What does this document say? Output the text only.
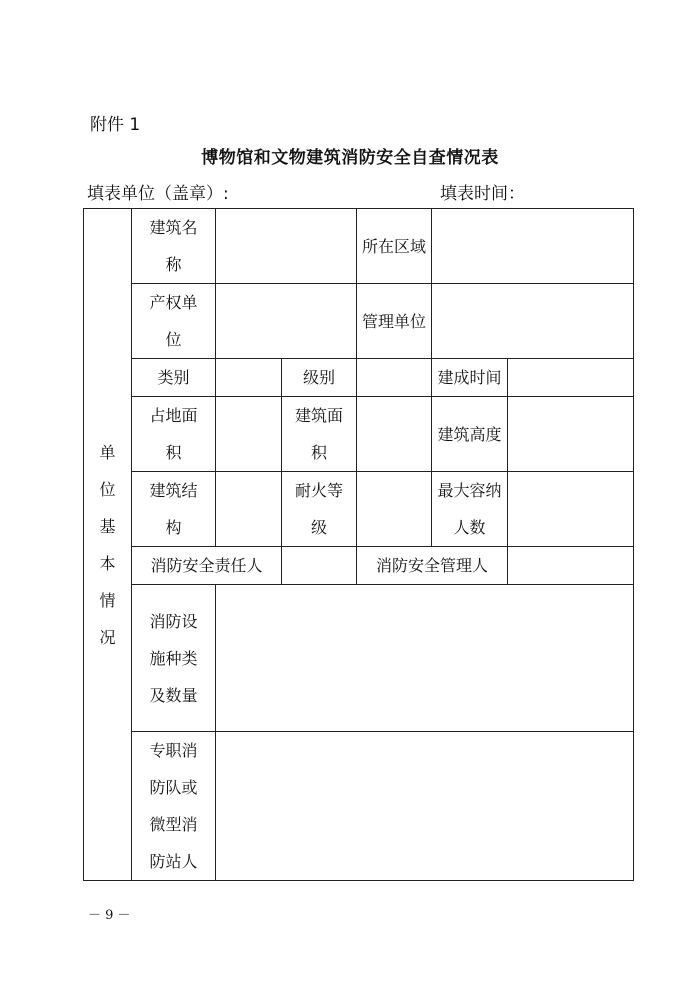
附件 1
博物馆和文物建筑消防安全自查情况表
填表单位（盖章）:	填表时间：
单位基本情况	建筑名称			所在区域		

	产权单位			管理单位		

	类别		级别		建成时间	

	占地面积		建筑面积		建筑高度	

	建筑结构		耐火等级		最大容纳人数	

	消防安全责任人			消防安全管理人		

	消防设施种类及数量					

	专职消防队或微型消防站人					

－ 9 －
